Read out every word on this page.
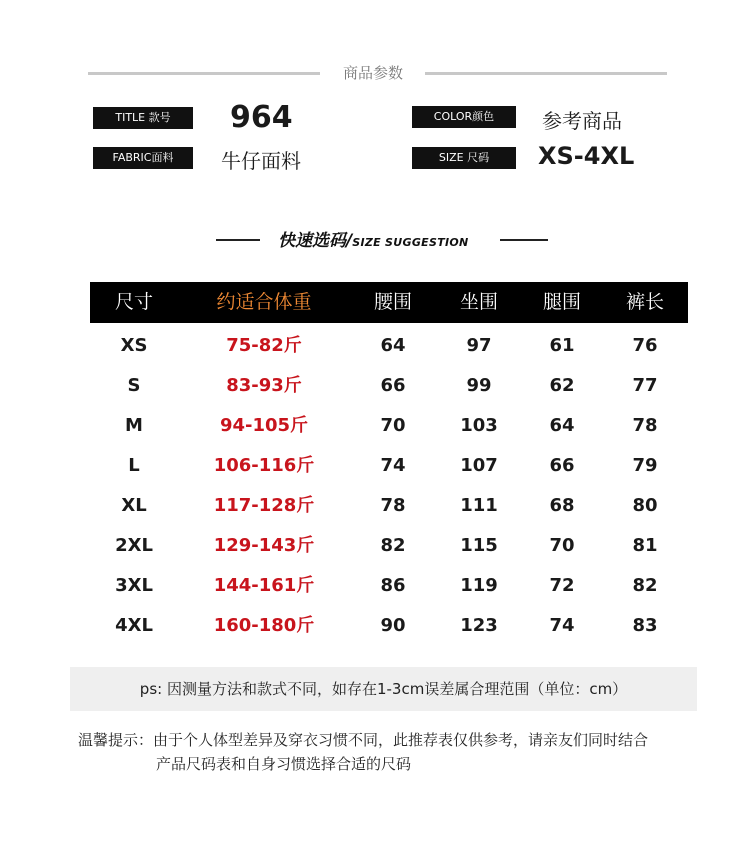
商品参数
TITLE 款号	964	COLOR颜色	参考商品
FABRIC面料	牛仔面料	SIZE 尺码	XS-4XL
快速选码/SIZE SUGGESTION
尺寸	约适合体重	腰围	坐围	腿围	裤长
XS	75-82斤	64	97	61	76
S	83-93斤	66	99	62	77
M	94-105斤	70	103	64	78
L	106-116斤	74	107	66	79
XL	117-128斤	78	111	68	80
2XL	129-143斤	82	115	70	81
3XL	144-161斤	86	119	72	82
4XL	160-180斤	90	123	74	83
ps: 因测量方法和款式不同，如存在1-3cm误差属合理范围（单位：cm）
温馨提示：由于个人体型差异及穿衣习惯不同，此推荐表仅供参考，请亲友们同时结合
产品尺码表和自身习惯选择合适的尺码
